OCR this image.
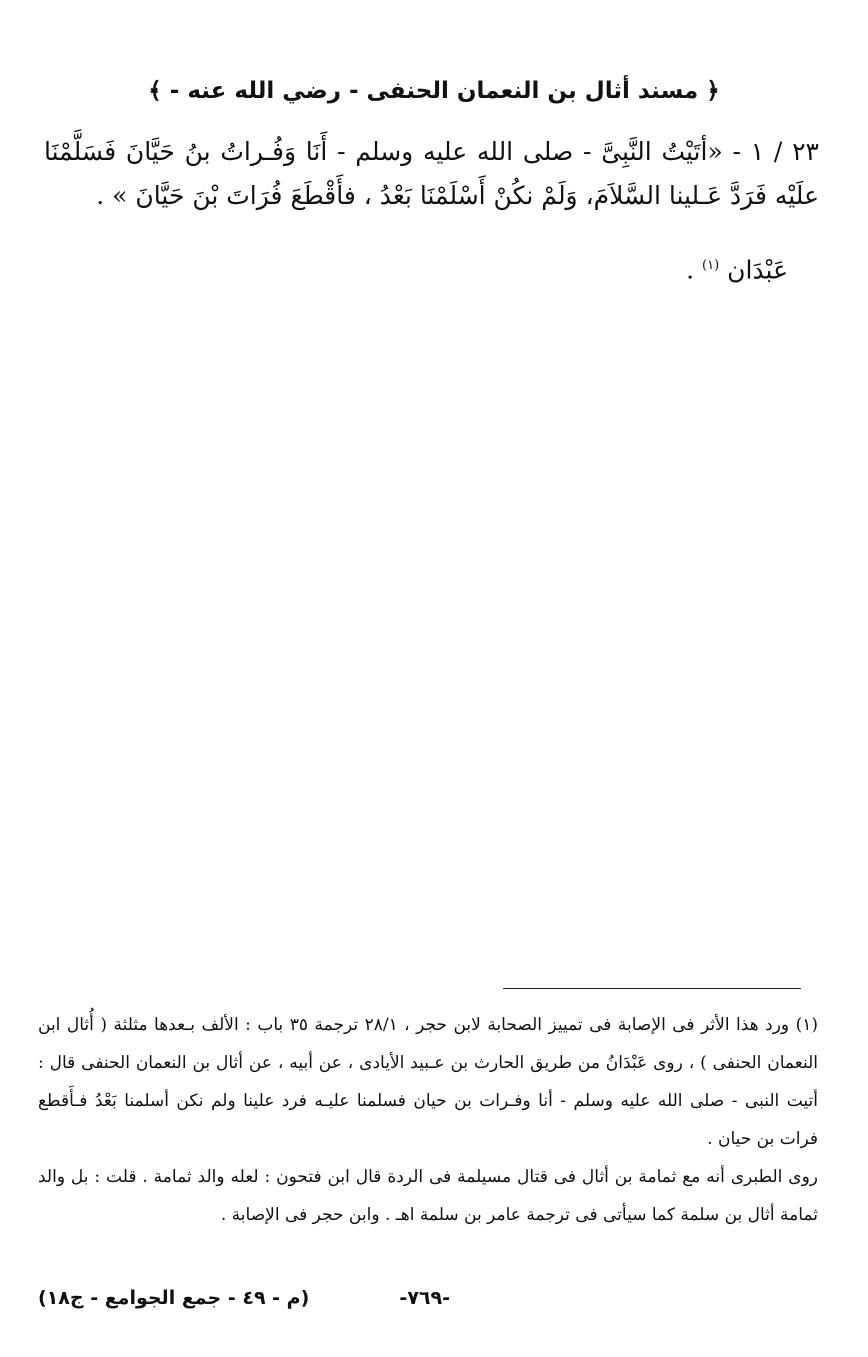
﴿ مسند أثال بن النعمان الحنفى - رضي الله عنه - ﴾
٢٣ / ١ - «أتَيْتُ النَّبِىَّ - صلى الله عليه وسلم - أَنَا وَفُـراتُ بنُ حَيَّانَ فَسَلَّمْنَا علَيْه فَرَدَّ عَـلينا السَّلاَمَ، وَلَمْ نكُنْ أَسْلَمْنَا بَعْدُ ، فأَقْطَعَ فُرَاتَ بْنَ حَيَّانَ » .
عَبْدَان $^{(١)}$ .

(١) ورد هذا الأثر فى الإصابة فى تمييز الصحابة لابن حجر ، ٢٨/١ ترجمة ٣٥ باب : الألف بـعدها مثلثة ( أُثال ابن النعمان الحنفى ) ، روى عَبْدَانُ من طريق الحارث بن عـبيد الأيادى ، عن أبيه ، عن أثال بن النعمان الحنفى قال : أتيت النبى - صلى الله عليه وسلم - أنا وفـرات بن حيان فسلمنا عليـه فرد علينا ولم نكن أسلمنا بَعْدُ فـأَقطع فرات بن حيان .

روى الطبرى أنه مع ثمامة بن أثال فى قتال مسيلمة فى الردة قال ابن فتحون : لعله والد ثمامة . قلت : بل والد ثمامة أثال بن سلمة كما سيأتى فى ترجمة عامر بن سلمة اهـ . وابن حجر فى الإصابة .

-٧٦٩-
(م - ٤٩ - جمع الجوامع - ج١٨)
